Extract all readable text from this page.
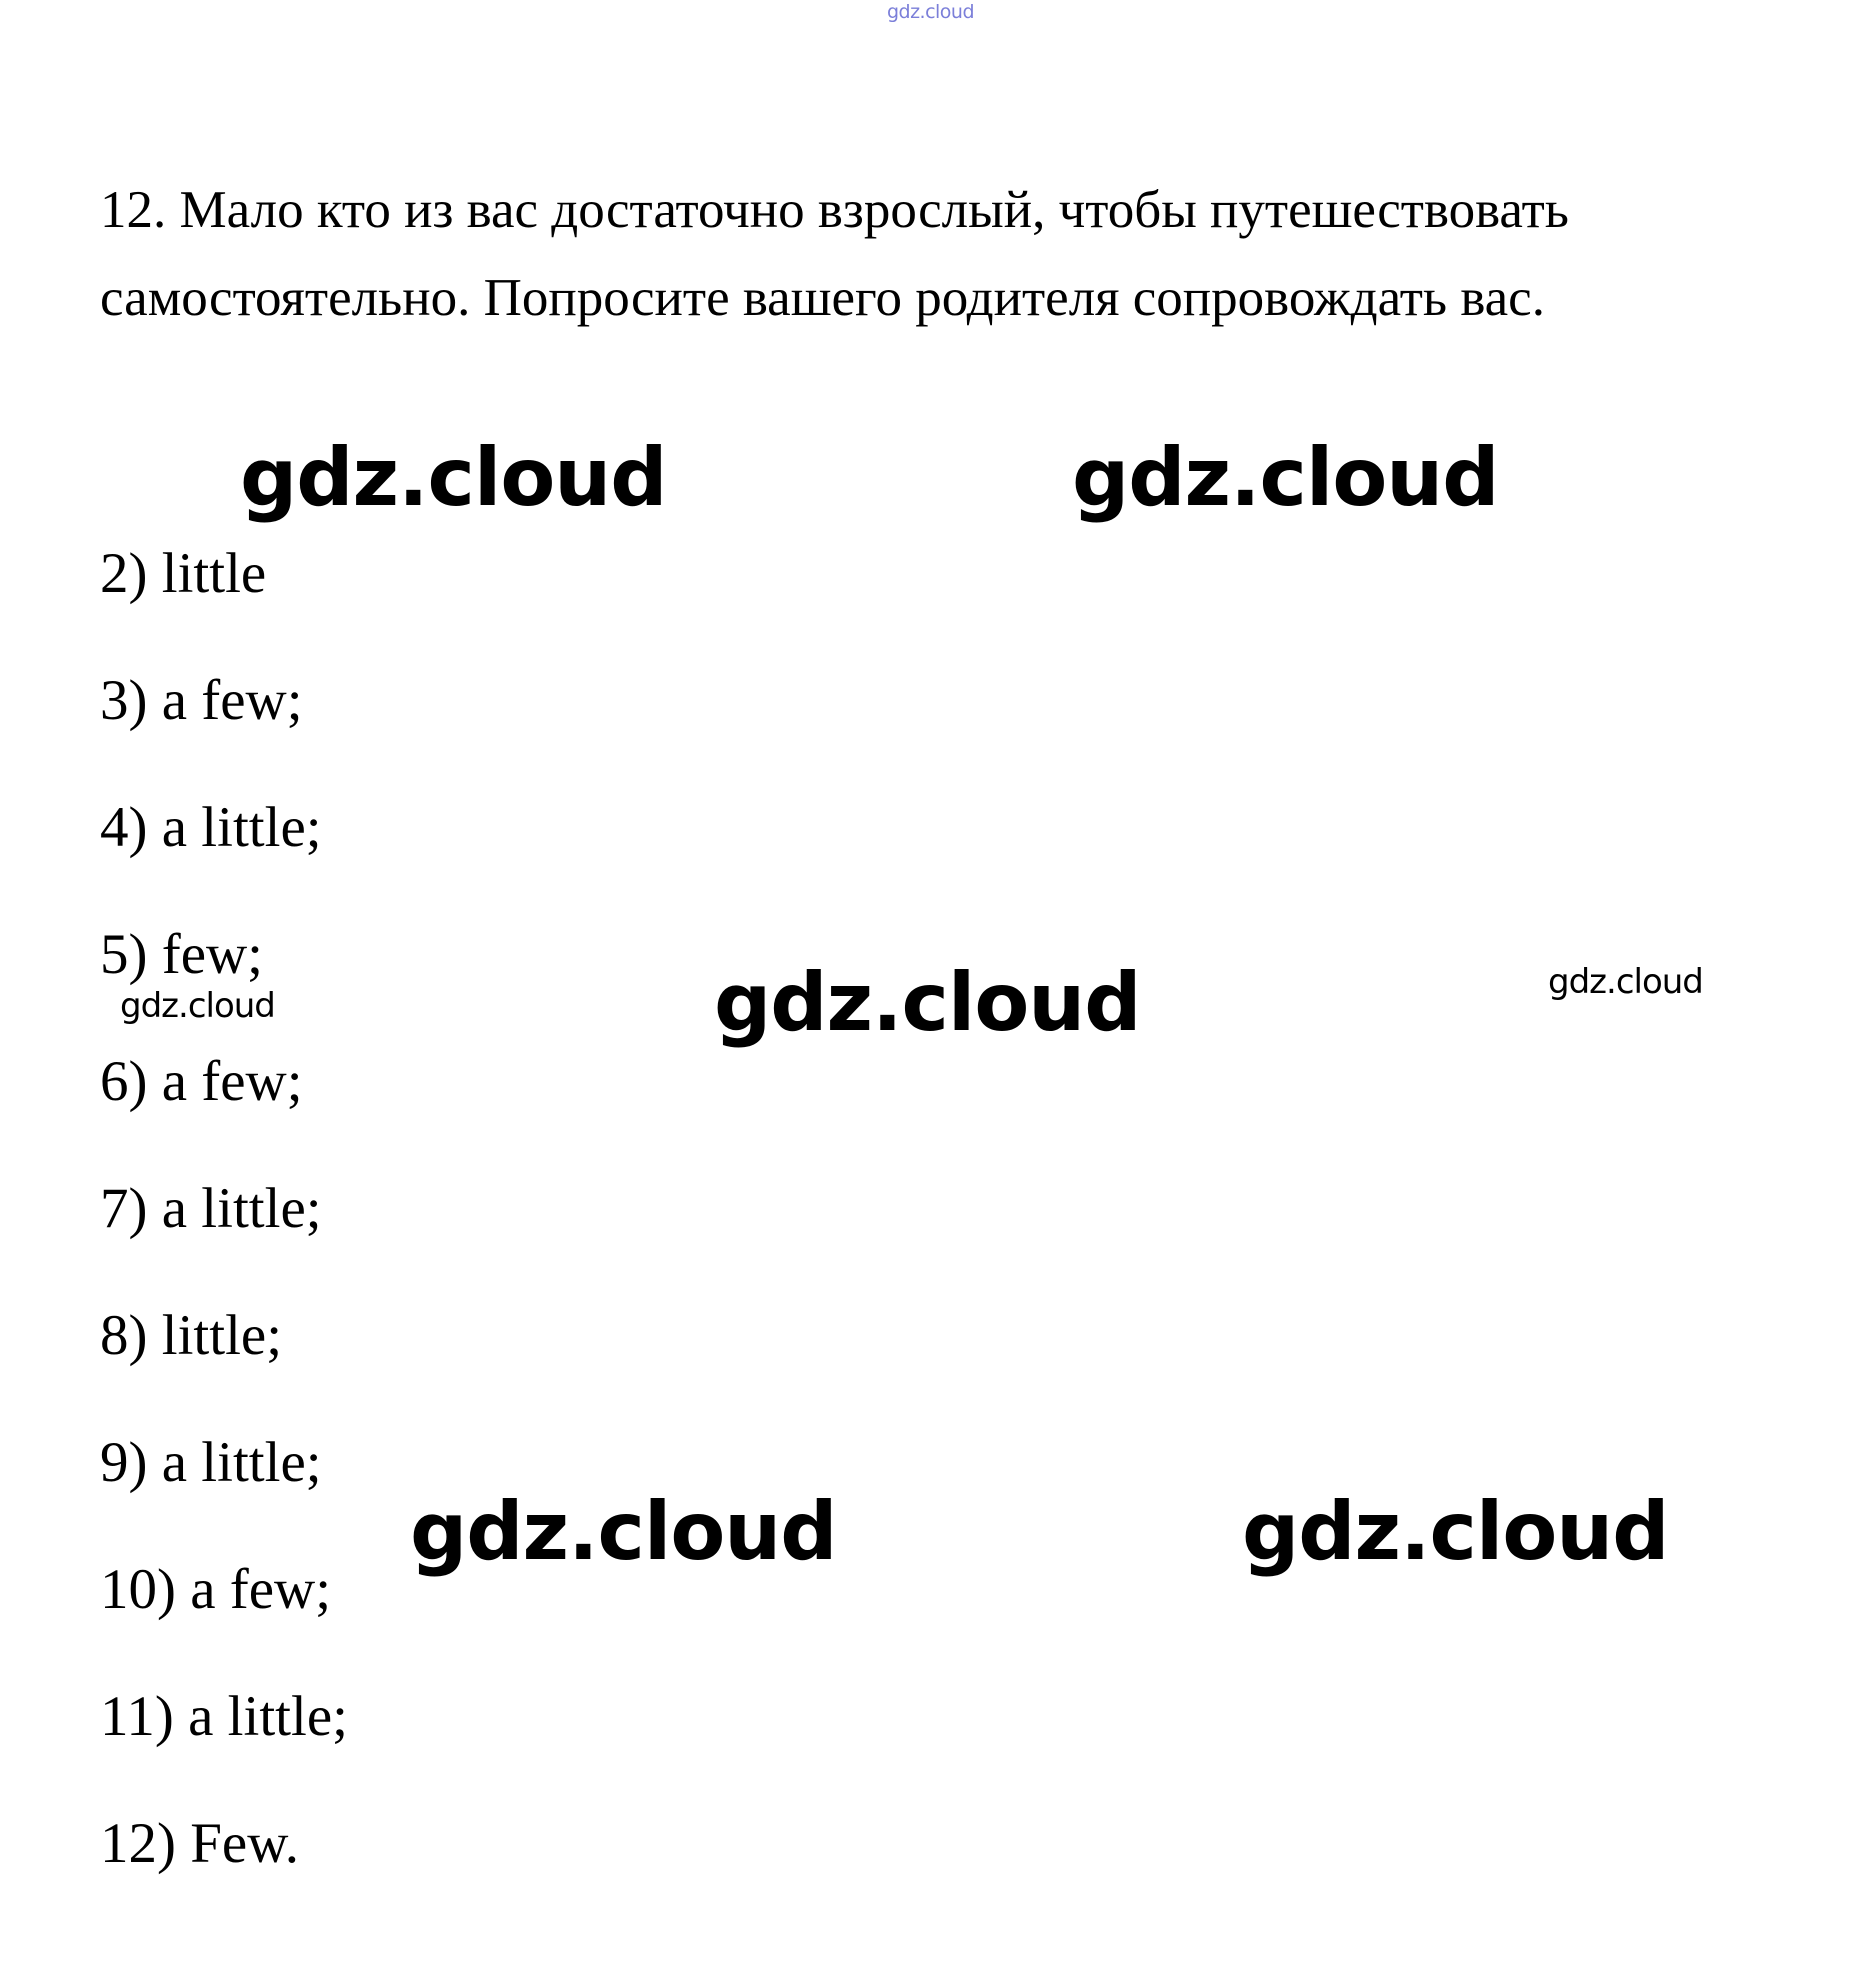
gdz.cloud
12. Мало кто из вас достаточно взрослый, чтобы путешествовать самостоятельно. Попросите вашего родителя сопровождать вас.
2) little
3) a few;
4) a little;
5) few;
6) a few;
7) a little;
8) little;
9) a little;
10) a few;
11) a little;
12) Few.
gdz.cloud	gdz.cloud
gdz.cloud
gdz.cloud
gdz.cloud
gdz.cloud	gdz.cloud
